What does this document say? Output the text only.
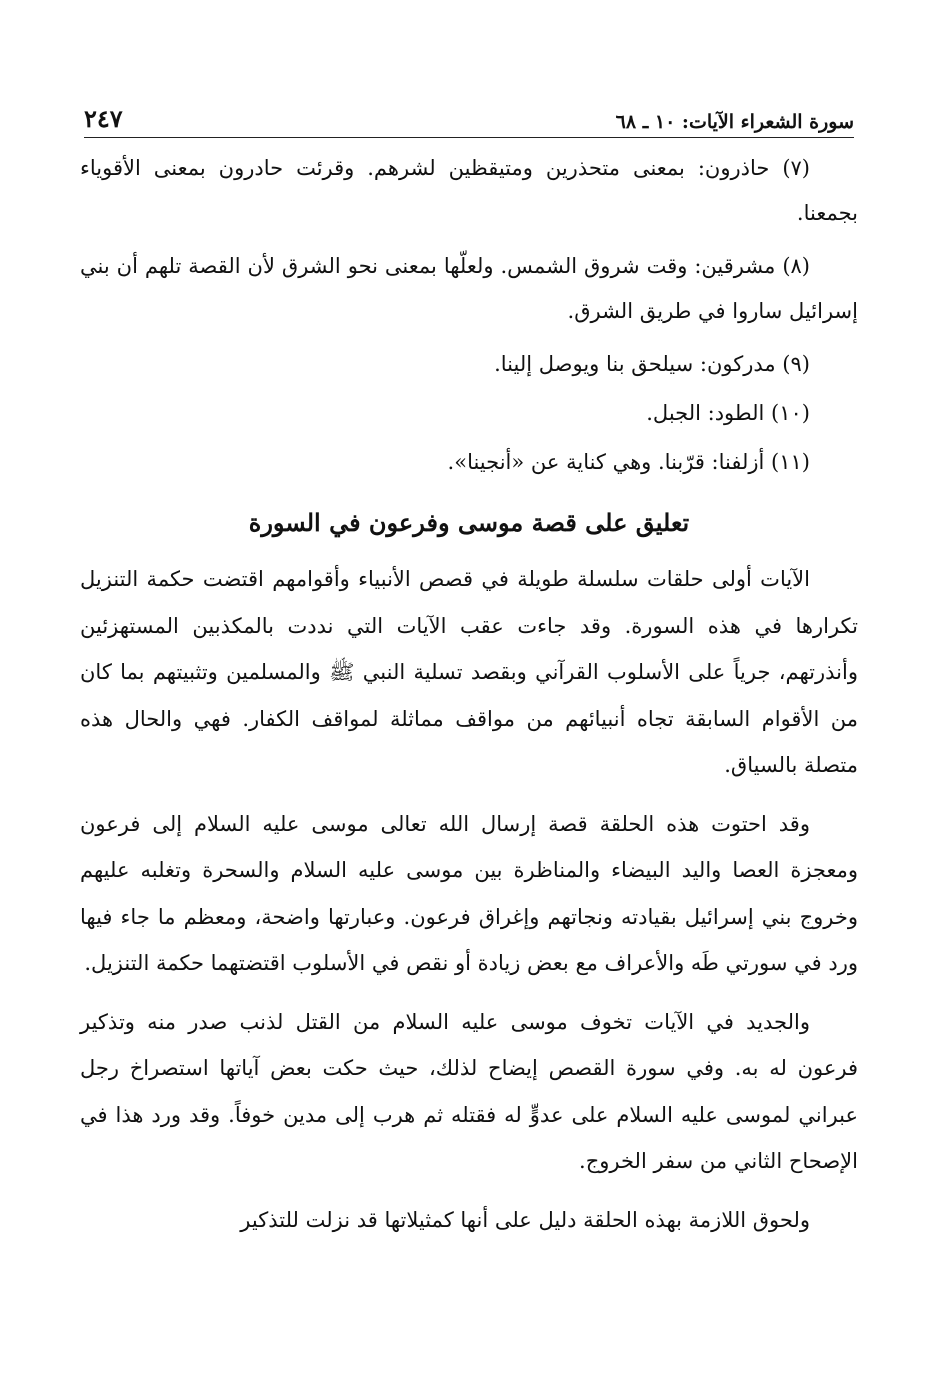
سورة الشعراء الآيات: ١٠ ـ ٦٨
٢٤٧

(٧) حاذرون: بمعنى متحذرين ومتيقظين لشرهم. وقرئت حادرون بمعنى الأقوياء بجمعنا.

(٨) مشرقين: وقت شروق الشمس. ولعلّها بمعنى نحو الشرق لأن القصة تلهم أن بني إسرائيل ساروا في طريق الشرق.

(٩) مدركون: سيلحق بنا ويوصل إلينا.

(١٠) الطود: الجبل.

(١١) أزلفنا: قرّبنا. وهي كناية عن «أنجينا».

تعليق على قصة موسى وفرعون في السورة

الآيات أولى حلقات سلسلة طويلة في قصص الأنبياء وأقوامهم اقتضت حكمة التنزيل تكرارها في هذه السورة. وقد جاءت عقب الآيات التي نددت بالمكذبين المستهزئين وأنذرتهم، جرياً على الأسلوب القرآني وبقصد تسلية النبي ﷺ والمسلمين وتثبيتهم بما كان من الأقوام السابقة تجاه أنبيائهم من مواقف مماثلة لمواقف الكفار. فهي والحال هذه متصلة بالسياق.

وقد احتوت هذه الحلقة قصة إرسال الله تعالى موسى عليه السلام إلى فرعون ومعجزة العصا واليد البيضاء والمناظرة بين موسى عليه السلام والسحرة وتغلبه عليهم وخروج بني إسرائيل بقيادته ونجاتهم وإغراق فرعون. وعبارتها واضحة، ومعظم ما جاء فيها ورد في سورتي طَه والأعراف مع بعض زيادة أو نقص في الأسلوب اقتضتهما حكمة التنزيل.

والجديد في الآيات تخوف موسى عليه السلام من القتل لذنب صدر منه وتذكير فرعون له به. وفي سورة القصص إيضاح لذلك، حيث حكت بعض آياتها استصراخ رجل عبراني لموسى عليه السلام على عدوٍّ له فقتله ثم هرب إلى مدين خوفاً. وقد ورد هذا في الإصحاح الثاني من سفر الخروج.

ولحوق اللازمة بهذه الحلقة دليل على أنها كمثيلاتها قد نزلت للتذكير
